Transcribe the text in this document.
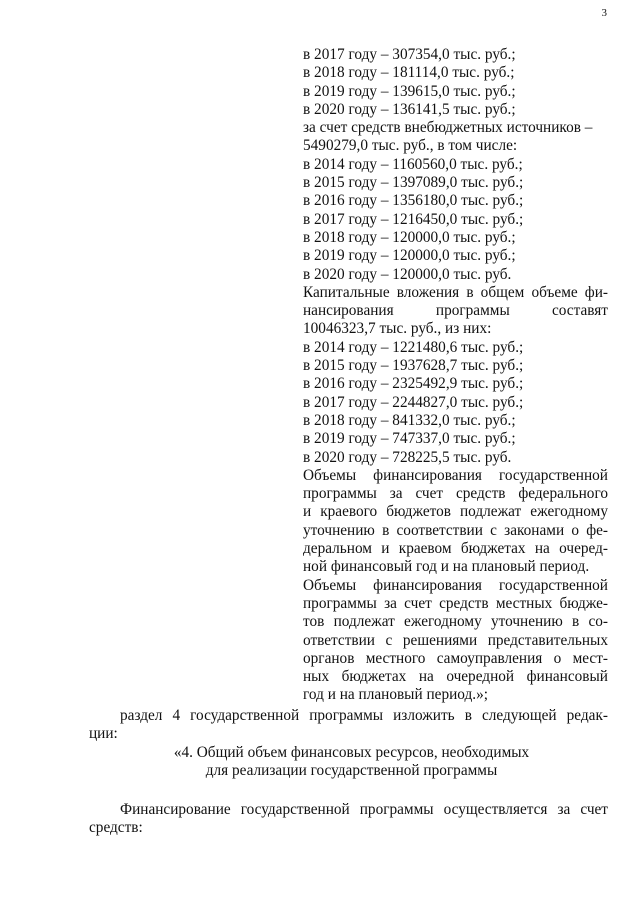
3
в 2017 году – 307354,0 тыс. руб.;
в 2018 году – 181114,0 тыс. руб.;
в 2019 году – 139615,0 тыс. руб.;
в 2020 году – 136141,5 тыс. руб.;
за счет средств внебюджетных источников –
5490279,0 тыс. руб., в том числе:
в 2014 году – 1160560,0 тыс. руб.;
в 2015 году – 1397089,0 тыс. руб.;
в 2016 году – 1356180,0 тыс. руб.;
в 2017 году – 1216450,0 тыс. руб.;
в 2018 году – 120000,0 тыс. руб.;
в 2019 году – 120000,0 тыс. руб.;
в 2020 году – 120000,0 тыс. руб.
Капитальные вложения в общем объеме фи-
нансирования программы составят
10046323,7 тыс. руб., из них:
в 2014 году – 1221480,6 тыс. руб.;
в 2015 году – 1937628,7 тыс. руб.;
в 2016 году – 2325492,9 тыс. руб.;
в 2017 году – 2244827,0 тыс. руб.;
в 2018 году – 841332,0 тыс. руб.;
в 2019 году – 747337,0 тыс. руб.;
в 2020 году – 728225,5 тыс. руб.
Объемы финансирования государственной
программы за счет средств федерального
и краевого бюджетов подлежат ежегодному
уточнению в соответствии с законами о фе-
деральном и краевом бюджетах на очеред-
ной финансовый год и на плановый период.
Объемы финансирования государственной
программы за счет средств местных бюдже-
тов подлежат ежегодному уточнению в со-
ответствии с решениями представительных
органов местного самоуправления о мест-
ных бюджетах на очередной финансовый
год и на плановый период.»;
раздел 4 государственной программы изложить в следующей редак-
ции:
«4. Общий объем финансовых ресурсов, необходимых
для реализации государственной программы
Финансирование государственной программы осуществляется за счет
средств:
